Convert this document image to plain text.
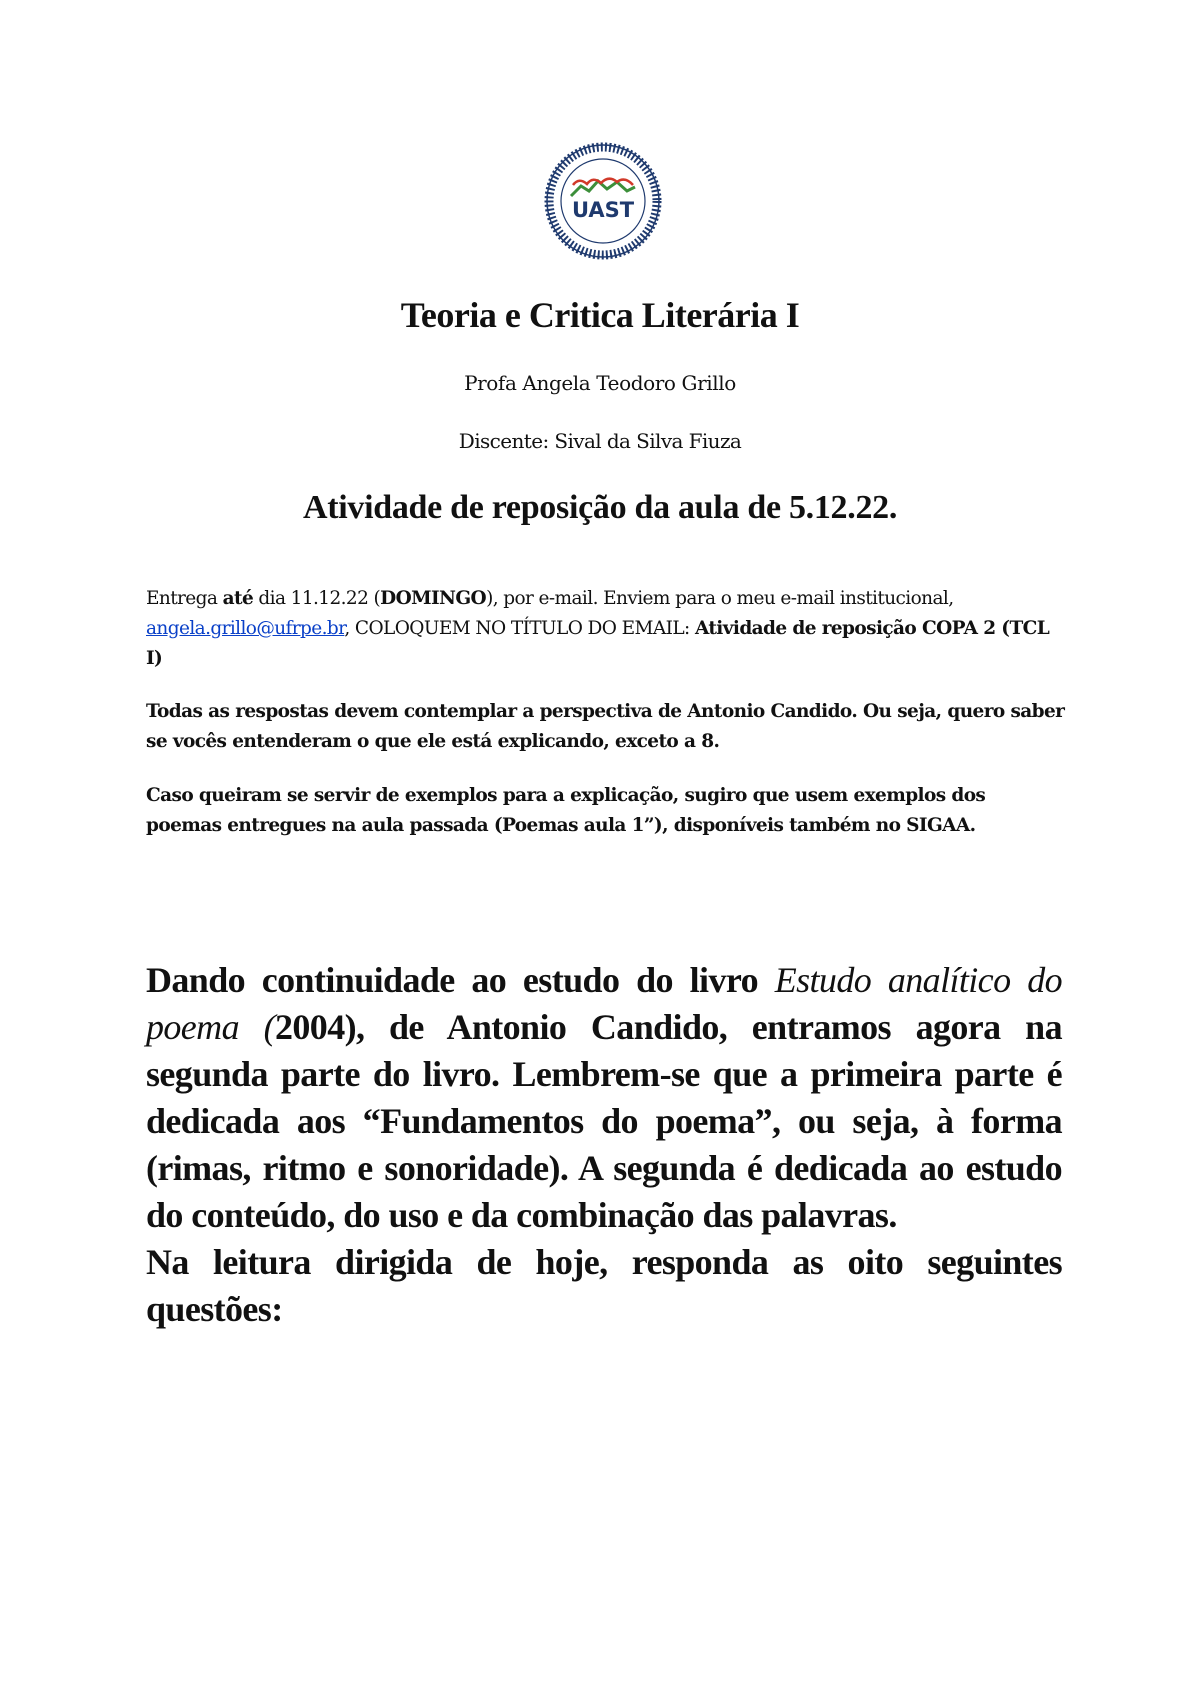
UAST
Teoria e Critica Literária I
Profa Angela Teodoro Grillo
Discente: Sival da Silva Fiuza
Atividade de reposição da aula de 5.12.22.
Entrega até dia 11.12.22 (DOMINGO), por e-mail. Enviem para o meu e-mail institucional,
angela.grillo@ufrpe.br, COLOQUEM NO TÍTULO DO EMAIL: Atividade de reposição COPA 2 (TCL I)
Todas as respostas devem contemplar a perspectiva de Antonio Candido. Ou seja, quero saber se vocês entenderam o que ele está explicando, exceto a 8.
Caso queiram se servir de exemplos para a explicação, sugiro que usem exemplos dos poemas entregues na aula passada (Poemas aula 1”), disponíveis também no SIGAA.

Dando continuidade ao estudo do livro Estudo analítico do poema (2004), de Antonio Candido, entramos agora na segunda parte do livro. Lembrem-se que a primeira parte é dedicada aos “Fundamentos do poema”, ou seja, à forma (rimas, ritmo e sonoridade). A segunda é dedicada ao estudo do conteúdo, do uso e da combinação das palavras.

Na leitura dirigida de hoje, responda as oito seguintes questões:
